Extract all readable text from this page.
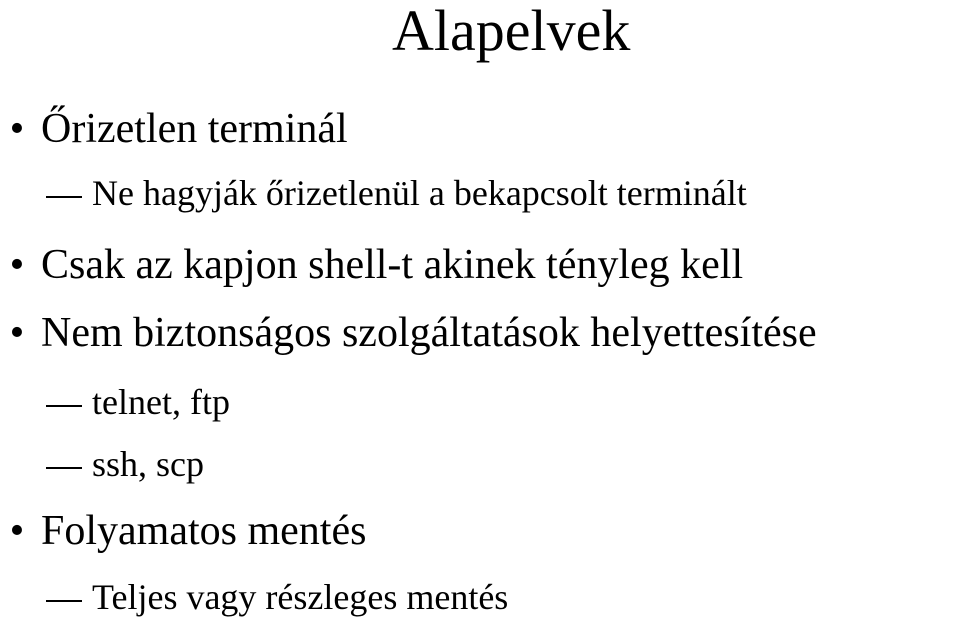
Alapelvek
• Őrizetlen terminál
Ne hagyják őrizetlenül a bekapcsolt terminált
• Csak az kapjon shell-t akinek tényleg kell
• Nem biztonságos szolgáltatások helyettesítése
telnet, ftp
ssh, scp
• Folyamatos mentés
Teljes vagy részleges mentés
